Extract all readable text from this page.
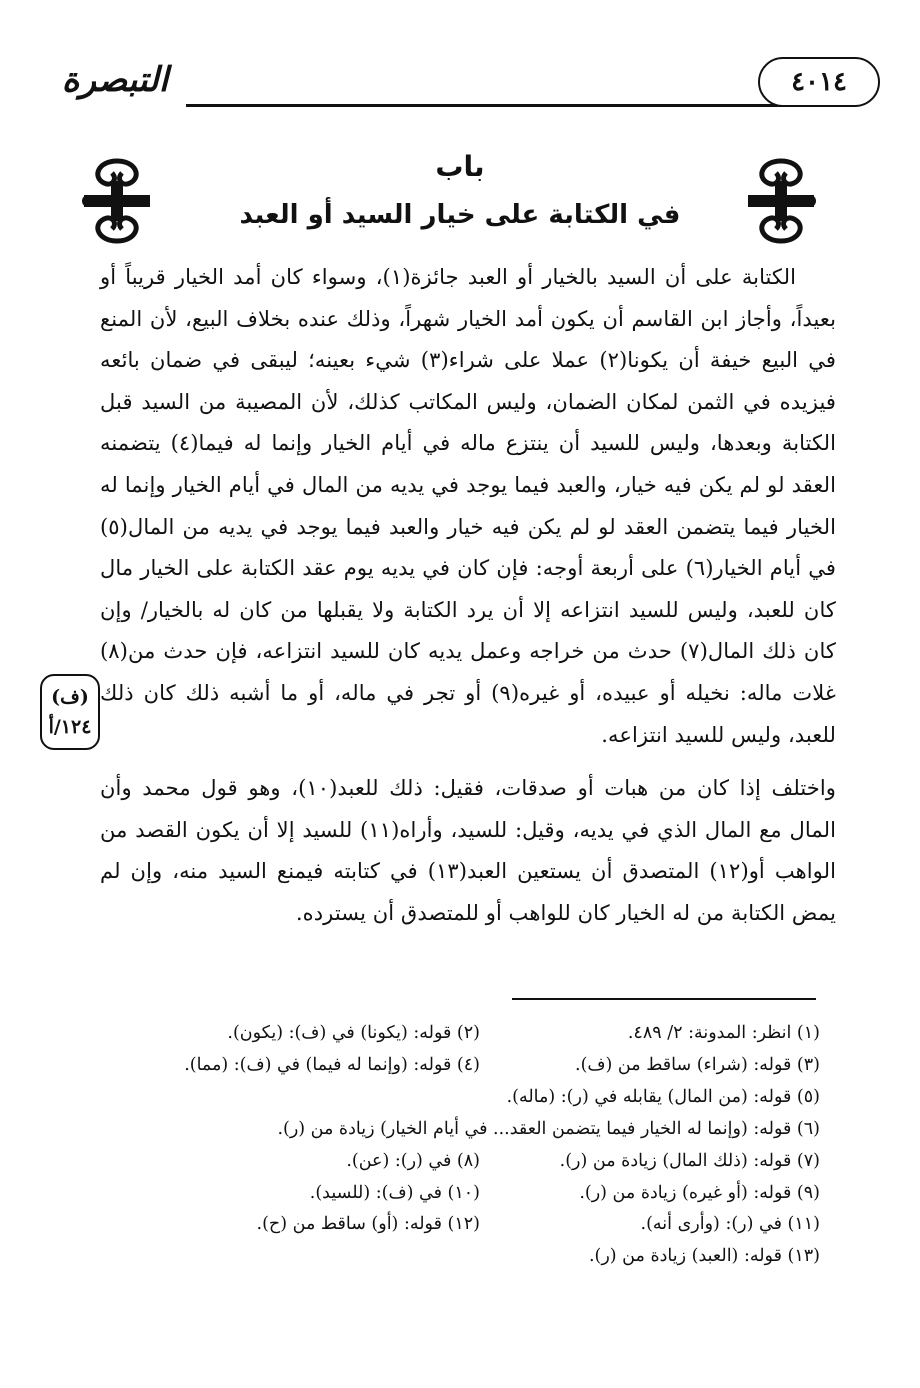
التبصرة	٤٠١٤
باب
في الكتابة على خيار السيد أو العبد

الكتابة على أن السيد بالخيار أو العبد جائزة(١)، وسواء كان أمد الخيار قريباً أو بعيداً، وأجاز ابن القاسم أن يكون أمد الخيار شهراً، وذلك عنده بخلاف البيع، لأن المنع في البيع خيفة أن يكونا(٢) عملا على شراء(٣) شيء بعينه؛ ليبقى في ضمان بائعه فيزيده في الثمن لمكان الضمان، وليس المكاتب كذلك، لأن المصيبة من السيد قبل الكتابة وبعدها، وليس للسيد أن ينتزع ماله في أيام الخيار وإنما له فيما(٤) يتضمنه العقد لو لم يكن فيه خيار، والعبد فيما يوجد في يديه من المال في أيام الخيار وإنما له الخيار فيما يتضمن العقد لو لم يكن فيه خيار والعبد فيما يوجد في يديه من المال(٥) في أيام الخيار(٦) على أربعة أوجه: فإن كان في يديه يوم عقد الكتابة على الخيار مال كان للعبد، وليس للسيد انتزاعه إلا أن يرد الكتابة ولا يقبلها من كان له بالخيار/ وإن كان ذلك المال(٧) حدث من خراجه وعمل يديه كان للسيد انتزاعه، فإن حدث من(٨) غلات ماله: نخيله أو عبيده، أو غيره(٩) أو تجر في ماله، أو ما أشبه ذلك كان ذلك للعبد، وليس للسيد انتزاعه.

واختلف إذا كان من هبات أو صدقات، فقيل: ذلك للعبد(١٠)، وهو قول محمد وأن المال مع المال الذي في يديه، وقيل: للسيد، وأراه(١١) للسيد إلا أن يكون القصد من الواهب أو(١٢) المتصدق أن يستعين العبد(١٣) في كتابته فيمنع السيد منه، وإن لم يمض الكتابة من له الخيار كان للواهب أو للمتصدق أن يسترده.

(ف)
١٢٤/أ
(١) انظر: المدونة: ٢/ ٤٨٩.
(٢) قوله: (يكونا) في (ف): (يكون).
(٣) قوله: (شراء) ساقط من (ف).
(٤) قوله: (وإنما له فيما) في (ف): (مما).
(٥) قوله: (من المال) يقابله في (ر): (ماله).
(٦) قوله: (وإنما له الخيار فيما يتضمن العقد... في أيام الخيار) زيادة من (ر).
(٧) قوله: (ذلك المال) زيادة من (ر).
(٨) في (ر): (عن).
(٩) قوله: (أو غيره) زيادة من (ر).
(١٠) في (ف): (للسيد).
(١١) في (ر): (وأرى أنه).
(١٢) قوله: (أو) ساقط من (ح).
(١٣) قوله: (العبد) زيادة من (ر).
